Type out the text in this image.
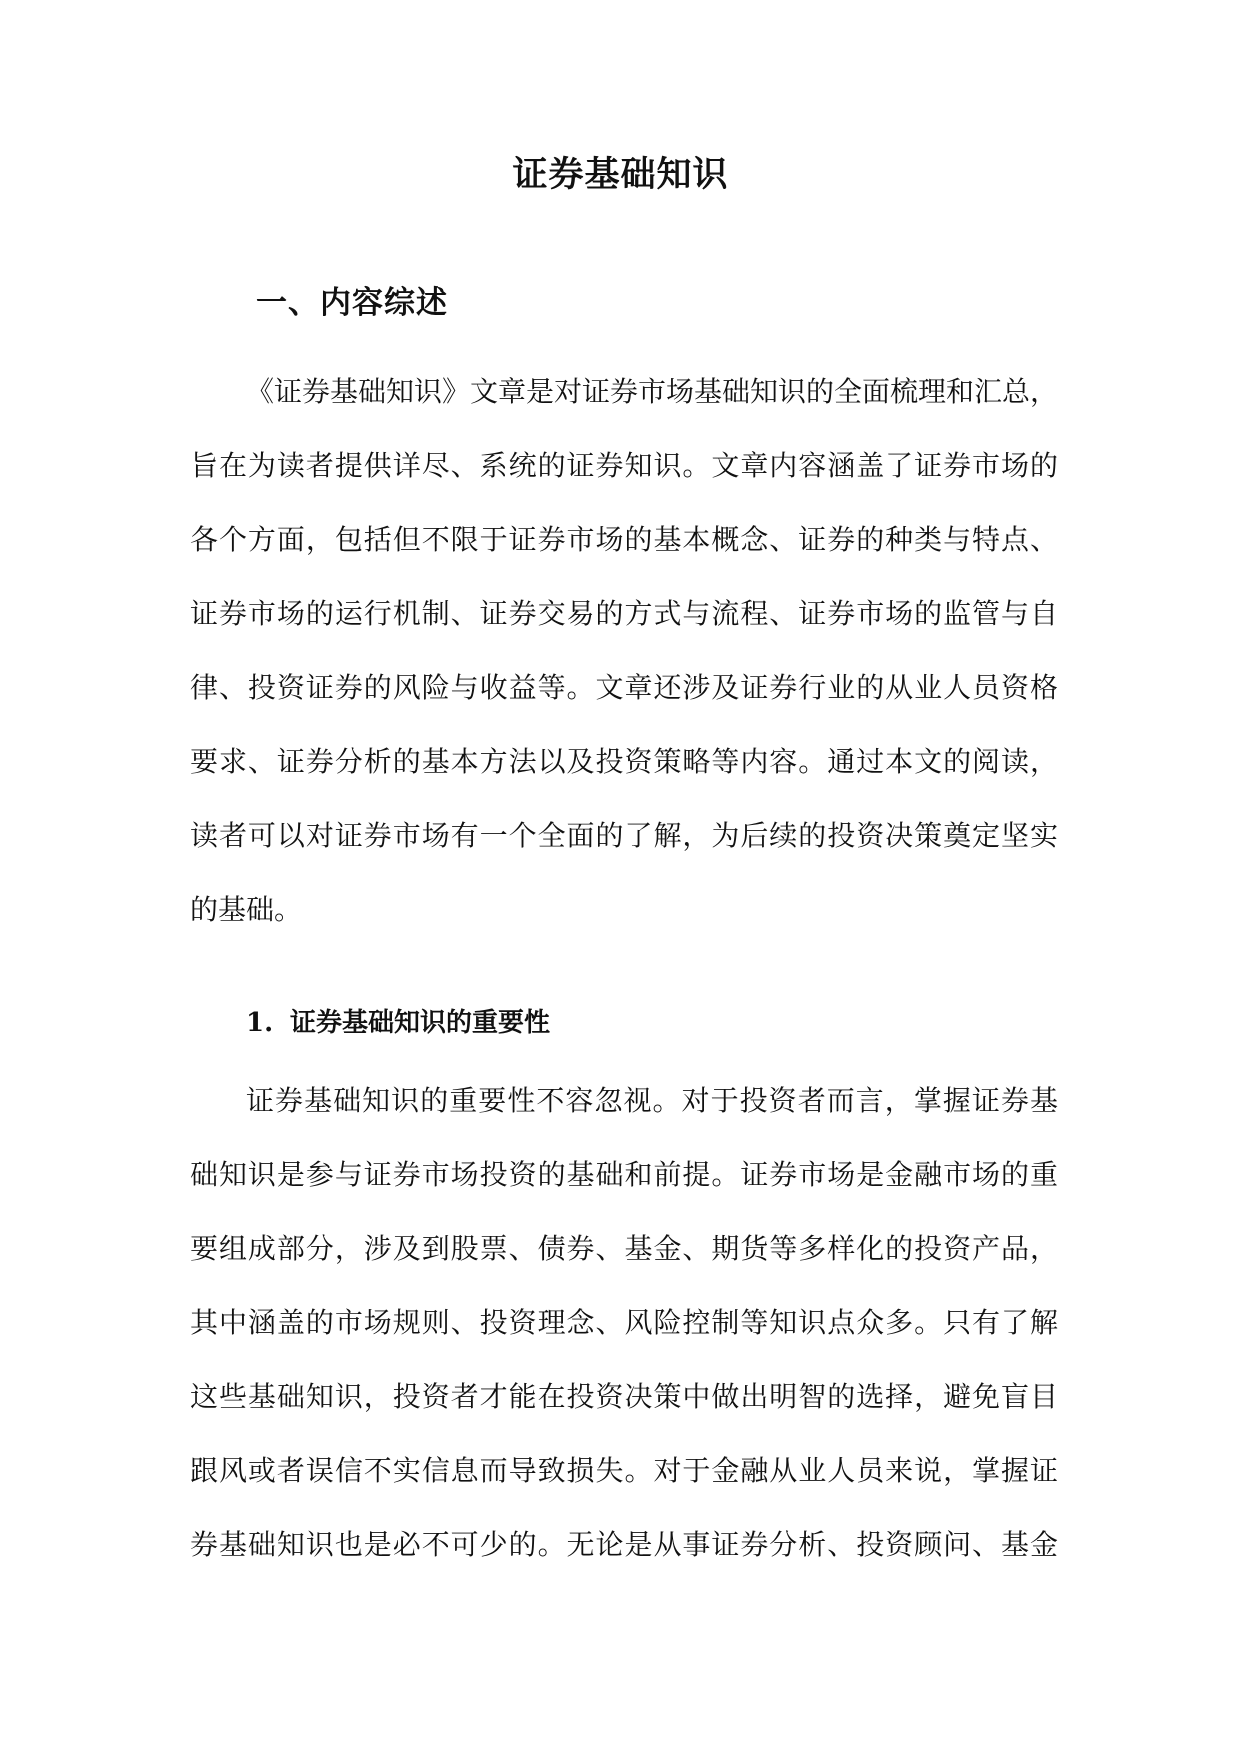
证券基础知识
一、内容综述
《证券基础知识》文章是对证券市场基础知识的全面梳理和汇总，
旨在为读者提供详尽、系统的证券知识。文章内容涵盖了证券市场的
各个方面，包括但不限于证券市场的基本概念、证券的种类与特点、
证券市场的运行机制、证券交易的方式与流程、证券市场的监管与自
律、投资证券的风险与收益等。文章还涉及证券行业的从业人员资格
要求、证券分析的基本方法以及投资策略等内容。通过本文的阅读，
读者可以对证券市场有一个全面的了解，为后续的投资决策奠定坚实
的基础。
1. 证券基础知识的重要性
证券基础知识的重要性不容忽视。对于投资者而言，掌握证券基
础知识是参与证券市场投资的基础和前提。证券市场是金融市场的重
要组成部分，涉及到股票、债券、基金、期货等多样化的投资产品，
其中涵盖的市场规则、投资理念、风险控制等知识点众多。只有了解
这些基础知识，投资者才能在投资决策中做出明智的选择，避免盲目
跟风或者误信不实信息而导致损失。对于金融从业人员来说，掌握证
券基础知识也是必不可少的。无论是从事证券分析、投资顾问、基金
